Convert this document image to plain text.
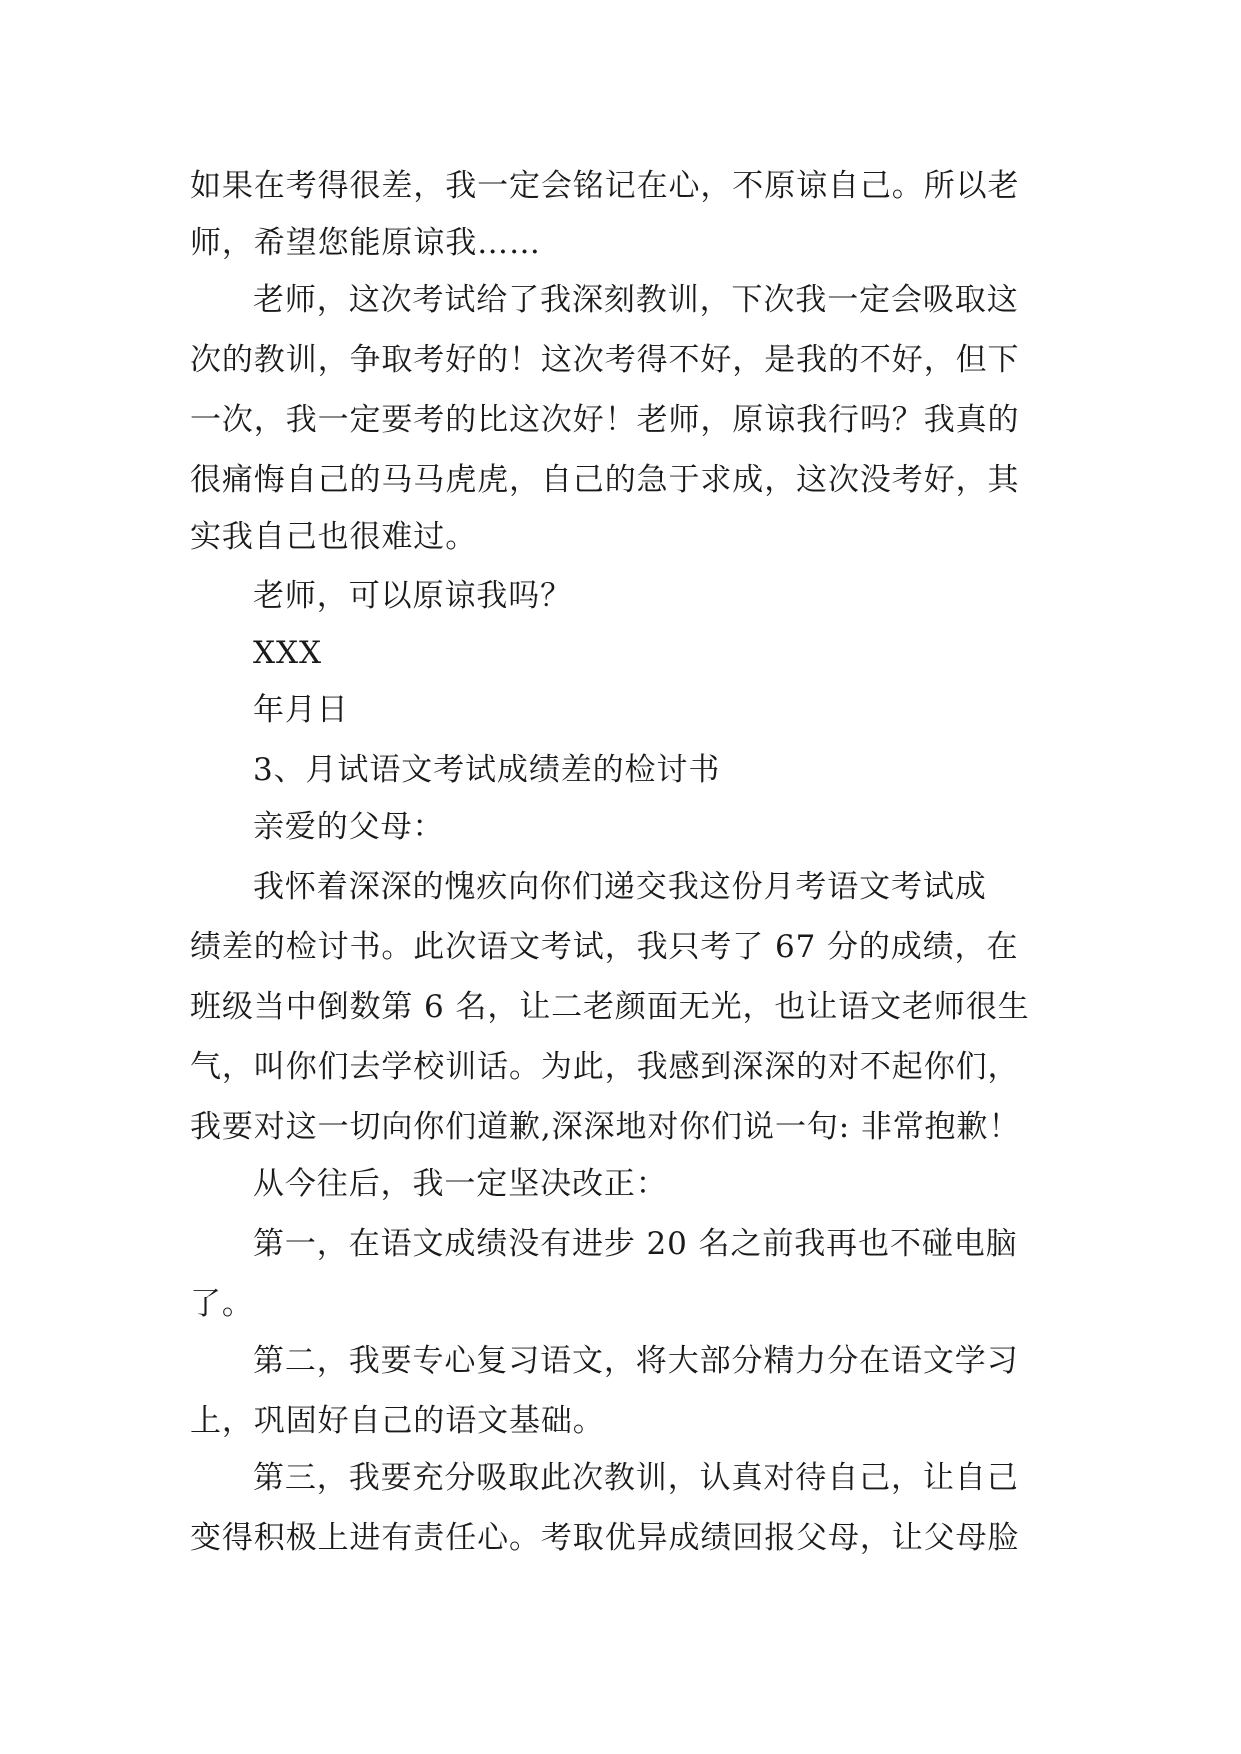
如果在考得很差，我一定会铭记在心，不原谅自己。所以老
师，希望您能原谅我……
老师，这次考试给了我深刻教训，下次我一定会吸取这
次的教训，争取考好的！这次考得不好，是我的不好，但下
一次，我一定要考的比这次好！老师，原谅我行吗？我真的
很痛悔自己的马马虎虎，自己的急于求成，这次没考好，其
实我自己也很难过。
老师，可以原谅我吗？
XXX
年月日
3、月试语文考试成绩差的检讨书
亲爱的父母：
我怀着深深的愧疚向你们递交我这份月考语文考试成
绩差的检讨书。此次语文考试，我只考了 67 分的成绩，在
班级当中倒数第 6 名，让二老颜面无光，也让语文老师很生
气，叫你们去学校训话。为此，我感到深深的对不起你们，
我要对这一切向你们道歉,深深地对你们说一句: 非常抱歉！
从今往后，我一定坚决改正：
第一，在语文成绩没有进步 20 名之前我再也不碰电脑
了。
第二，我要专心复习语文，将大部分精力分在语文学习
上，巩固好自己的语文基础。
第三，我要充分吸取此次教训，认真对待自己，让自己
变得积极上进有责任心。考取优异成绩回报父母，让父母脸
